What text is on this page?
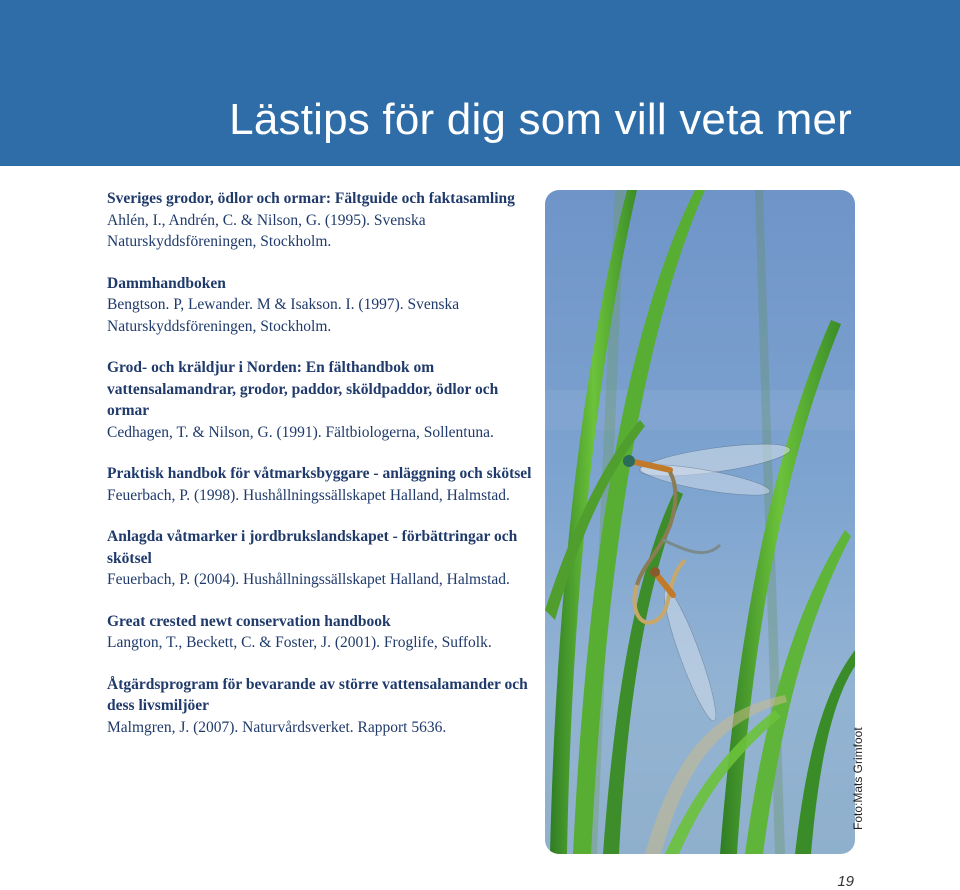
Lästips för dig som vill veta mer
Sveriges grodor, ödlor och ormar: Fältguide och faktasamling
Ahlén, I., Andrén, C. & Nilson, G. (1995). Svenska Naturskyddsföreningen, Stockholm.
Dammhandboken
Bengtson. P, Lewander. M & Isakson. I. (1997). Svenska Naturskyddsföreningen, Stockholm.
Grod- och kräldjur i Norden: En fälthandbok om vattensalamandrar, grodor, paddor, sköldpaddor, ödlor och ormar
Cedhagen, T. & Nilson, G. (1991). Fältbiologerna, Sollentuna.
Praktisk handbok för våtmarksbyggare - anläggning och skötsel
Feuerbach, P. (1998). Hushållningssällskapet Halland, Halmstad.
Anlagda våtmarker i jordbrukslandskapet - förbättringar och skötsel
Feuerbach, P. (2004). Hushållningssällskapet Halland, Halmstad.
Great crested newt conservation handbook
Langton, T., Beckett, C. & Foster, J. (2001). Froglife, Suffolk.
Åtgärdsprogram för bevarande av större vattensalamander och dess livsmiljöer
Malmgren, J. (2007). Naturvårdsverket. Rapport 5636.
Foto:Mats Grimfoot
19
